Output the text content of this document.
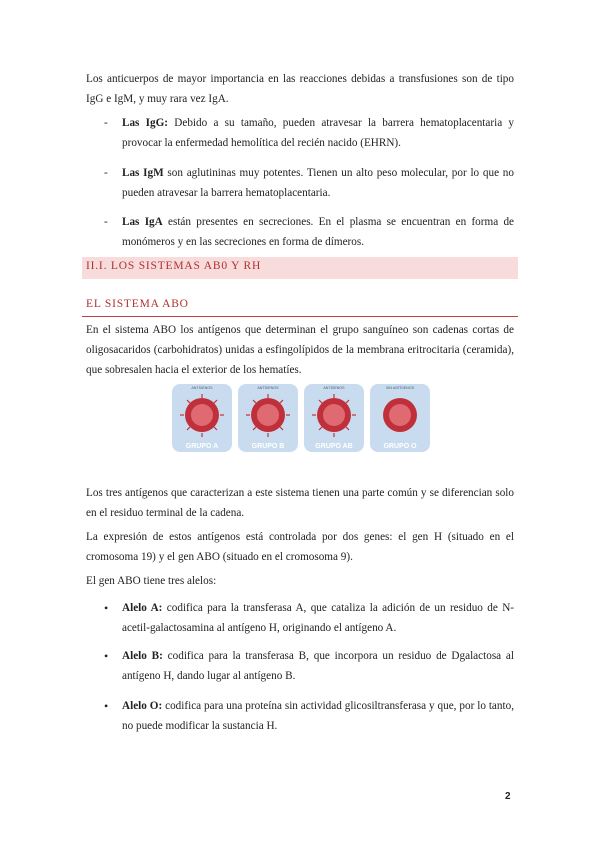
Los anticuerpos de mayor importancia en las reacciones debidas a transfusiones son de tipo IgG e IgM, y muy rara vez IgA.

- Las IgG: Debido a su tamaño, pueden atravesar la barrera hematoplacentaria y provocar la enfermedad hemolítica del recién nacido (EHRN).
- Las IgM son aglutininas muy potentes. Tienen un alto peso molecular, por lo que no pueden atravesar la barrera hematoplacentaria.
- Las IgA están presentes en secreciones. En el plasma se encuentran en forma de monómeros y en las secreciones en forma de dímeros.
II.I. LOS SISTEMAS AB0 Y RH
EL SISTEMA ABO

En el sistema ABO los antígenos que determinan el grupo sanguíneo son cadenas cortas de oligosacaridos (carbohidratos) unidas a esfingolípidos de la membrana eritrocitaria (ceramida), que sobresalen hacia el exterior de los hematíes.

ANTÍGENOS
GRUPO A
ANTÍGENOS
GRUPO B
ANTÍGENOS
GRUPO AB
SIN ANTÍGENOS
GRUPO O

Los tres antígenos que caracterizan a este sistema tienen una parte común y se diferencian solo en el residuo terminal de la cadena.

La expresión de estos antígenos está controlada por dos genes: el gen H (situado en el cromosoma 19) y el gen ABO (situado en el cromosoma 9).

El gen ABO tiene tres alelos:

• Alelo A: codifica para la transferasa A, que cataliza la adición de un residuo de N-acetil-galactosamina al antígeno H, originando el antígeno A.
• Alelo B: codifica para la transferasa B, que incorpora un residuo de Dgalactosa al antígeno H, dando lugar al antígeno B.
• Alelo O: codifica para una proteína sin actividad glicosiltransferasa y que, por lo tanto, no puede modificar la sustancia H.
2
